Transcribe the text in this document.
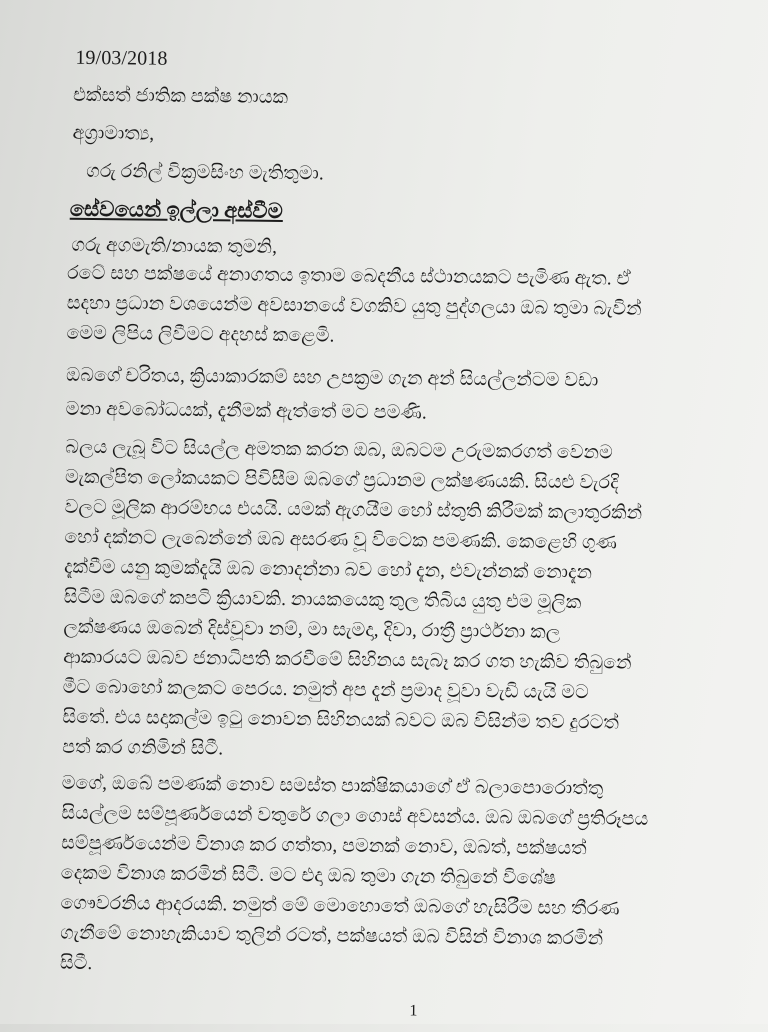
19/03/2018
එක්සත් ජාතික පක්ෂ නායක
අග්‍රාමාත්‍ය,
ගරු රනිල් වික්‍රමසිංහ මැතිතුමා.
සේවයෙන් ඉල්ලා අස්වීම
ගරු අගමැති/නායක තුමනි,
රටේ සහ පක්ෂයේ අනාගතය ඉතාම බෙදනීය ස්ථානයකට පැමිණ ඇත. ඒ
සදහා ප්‍රධාන වශයෙන්ම අවසානයේ වගකිව යුතු පුද්ගලයා ඔබ තුමා බැවින්
මෙම ලිපිය ලිවීමට අදහස් කළෙමි.
ඔබගේ චරිතය, ක්‍රියාකාරකම් සහ උපක්‍රම ගැන අන් සියල්ලන්ටම වඩා
මනා අවබෝධයක්, දැනීමක් ඇත්තේ මට පමණි.
බලය ලැබූ විට සියල්ල අමතක කරන ඔබ, ඔබටම උරුමකරගත් වෙනම
මැකල්පිත ලෝකයකට පිවිසීම ඔබගේ ප්‍රධානම ලක්ෂණයකි. සියළු වැරදි
වලට මූලික ආරම්භය එයයි. යමක් ඇගයීම හෝ ස්තුති කිරීමක් කලාතුරකින්
හෝ දක්නට ලැබෙන්නේ ඔබ අසරණ වූ විටෙක පමණකි. කෙළෙහි ගුණ
දැක්වීම යනු කුමක්දැයි ඔබ නොදන්නා බව හෝ දැන, එවැන්නක් නොදැන
සිටීම ඔබගේ කපටි ක්‍රියාවකි. නායකයෙකු තුල තිබිය යුතු එම මූලික
ලක්ෂණය ඔබෙන් දිස්වූවා නම්, මා සැමදා, දිවා, රාත්‍රී ප්‍රාර්ථනා කල
ආකාරයට ඔබව ජනාධිපති කරවීමේ සිහිනය සැබෑ කර ගත හැකිව තිබුනේ
මීට බොහෝ කලකට පෙරය. නමුත් අප දැන් ප්‍රමාද වූවා වැඩි යැයි මට
සිතේ. එය සදාකල්ම ඉටු නොවන සිහිනයක් බවට ඔබ විසින්ම තව දුරටත්
පත් කර ගනිමින් සිටී.
මගේ, ඔබේ පමණක් නොව සමස්ත පාක්ෂිකයාගේ ඒ බලාපොරොත්තු
සියල්ලම සම්පූර්ණයෙන් වතුරේ ගලා ගොස් අවසන්ය. ඔබ ඔබගේ ප්‍රතිරූපය
සම්පූර්ණයෙන්ම විනාශ කර ගත්තා, පමනක් නොව, ඔබත්, පක්ෂයත්
දෙකම විනාශ කරමින් සිටී. මට එදා ඔබ තුමා ගැන තිබුනේ විශේෂ
ගෞවරනිය ආදරයකි. නමුත් මේ මොහොතේ ඔබගේ හැසිරීම සහ තීරණ
ගැනීමේ නොහැකියාව තුලින් රටත්, පක්ෂයත් ඔබ විසින් විනාශ කරමින්
සිටී.
1
